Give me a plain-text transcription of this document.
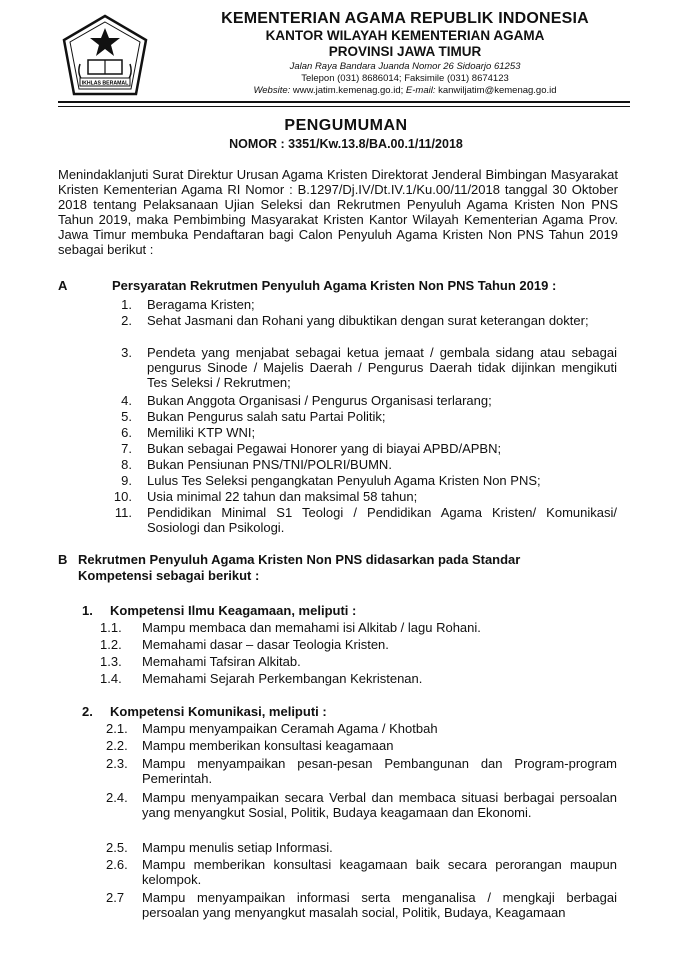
IKHLAS BERAMAL
KEMENTERIAN AGAMA REPUBLIK INDONESIA
KANTOR WILAYAH KEMENTERIAN AGAMA
PROVINSI JAWA TIMUR
Jalan Raya Bandara Juanda Nomor 26 Sidoarjo 61253
Telepon (031) 8686014; Faksimile (031) 8674123
Website: www.jatim.kemenag.go.id; E-mail: kanwiljatim@kemenag.go.id
PENGUMUMAN
NOMOR : 3351/Kw.13.8/BA.00.1/11/2018
Menindaklanjuti Surat Direktur Urusan Agama Kristen Direktorat Jenderal Bimbingan Masyarakat Kristen Kementerian Agama RI Nomor : B.1297/Dj.IV/Dt.IV.1/Ku.00/11/2018 tanggal 30 Oktober 2018 tentang Pelaksanaan Ujian Seleksi dan Rekrutmen Penyuluh Agama Kristen Non PNS Tahun 2019, maka Pembimbing Masyarakat Kristen Kantor Wilayah Kementerian Agama Prov. Jawa Timur membuka Pendaftaran bagi Calon Penyuluh Agama Kristen Non PNS Tahun 2019 sebagai berikut :
A	Persyaratan Rekrutmen Penyuluh Agama Kristen Non PNS Tahun 2019 :
1. Beragama Kristen;
2. Sehat Jasmani dan Rohani yang dibuktikan dengan surat keterangan dokter;
3. Pendeta yang menjabat sebagai ketua jemaat / gembala sidang atau sebagai pengurus Sinode / Majelis Daerah / Pengurus Daerah tidak dijinkan mengikuti Tes Seleksi / Rekrutmen;
4. Bukan Anggota Organisasi / Pengurus Organisasi terlarang;
5. Bukan Pengurus salah satu Partai Politik;
6. Memiliki KTP WNI;
7. Bukan sebagai Pegawai Honorer yang di biayai APBD/APBN;
8. Bukan Pensiunan PNS/TNI/POLRI/BUMN.
9. Lulus Tes Seleksi pengangkatan Penyuluh Agama Kristen Non PNS;
10. Usia minimal 22 tahun dan maksimal 58 tahun;
11. Pendidikan Minimal S1 Teologi / Pendidikan Agama Kristen/ Komunikasi/ Sosiologi dan Psikologi.
B Rekrutmen Penyuluh Agama Kristen Non PNS didasarkan pada Standar Kompetensi sebagai berikut :
1. Kompetensi Ilmu Keagamaan, meliputi :
1.1.	Mampu membaca dan memahami isi Alkitab / lagu Rohani.
1.2.	Memahami dasar – dasar Teologia Kristen.
1.3.	Memahami Tafsiran Alkitab.
1.4.	Memahami Sejarah Perkembangan Kekristenan.
2. Kompetensi Komunikasi, meliputi :
2.1.	Mampu menyampaikan Ceramah Agama / Khotbah
2.2.	Mampu memberikan konsultasi keagamaan
2.3.	Mampu menyampaikan pesan-pesan Pembangunan dan Program-program Pemerintah.
2.4.	Mampu menyampaikan secara Verbal dan membaca situasi berbagai persoalan yang menyangkut Sosial, Politik, Budaya keagamaan dan Ekonomi.
2.5.	Mampu menulis setiap Informasi.
2.6.	Mampu memberikan konsultasi keagamaan baik secara perorangan maupun kelompok.
2.7	Mampu menyampaikan informasi serta menganalisa / mengkaji berbagai persoalan yang menyangkut masalah social, Politik, Budaya, Keagamaan
